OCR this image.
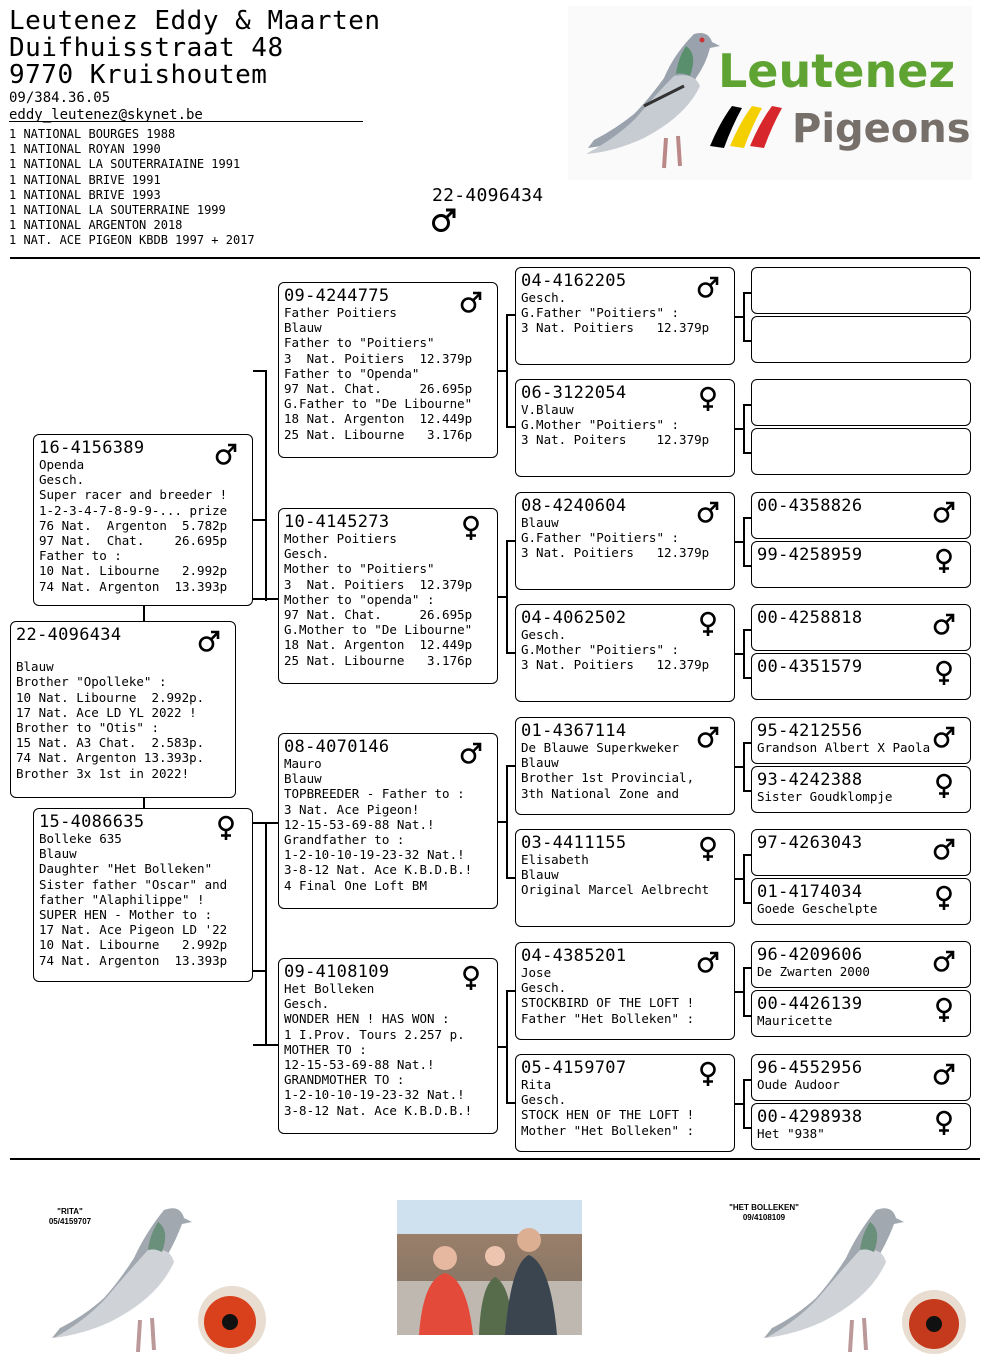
Leutenez Eddy & Maarten
Duifhuisstraat 48
9770 Kruishoutem
09/384.36.05
eddy_leutenez@skynet.be
1 NATIONAL BOURGES 1988
1 NATIONAL ROYAN 1990
1 NATIONAL LA SOUTERRAIAINE 1991
1 NATIONAL BRIVE 1991
1 NATIONAL BRIVE 1993
1 NATIONAL LA SOUTERRAINE 1999
1 NATIONAL ARGENTON 2018
1 NAT. ACE PIGEON KBDB 1997 + 2017
22-4096434
Leutenez
Pigeons
22-4096434

Blauw
Brother "Opolleke" :
10 Nat. Libourne  2.992p.
17 Nat. Ace LD YL 2022 !
Brother to "Otis" :
15 Nat. A3 Chat.  2.583p.
74 Nat. Argenton 13.393p.
Brother 3x 1st in 2022!
16-4156389
Openda
Gesch.
Super racer and breeder !
1-2-3-4-7-8-9-9-... prize
76 Nat.  Argenton  5.782p
97 Nat.  Chat.    26.695p
Father to :
10 Nat. Libourne   2.992p
74 Nat. Argenton  13.393p
15-4086635
Bolleke 635
Blauw
Daughter "Het Bolleken"
Sister father "Oscar" and
father "Alaphilippe" !
SUPER HEN - Mother to :
17 Nat. Ace Pigeon LD '22
10 Nat. Libourne   2.992p
74 Nat. Argenton  13.393p
09-4244775
Father Poitiers
Blauw
Father to "Poitiers"
3  Nat. Poitiers  12.379p
Father to "Openda"
97 Nat. Chat.     26.695p
G.Father to "De Libourne"
18 Nat. Argenton  12.449p
25 Nat. Libourne   3.176p
10-4145273
Mother Poitiers
Gesch.
Mother to "Poitiers"
3  Nat. Poitiers  12.379p
Mother to "openda" :
97 Nat. Chat.     26.695p
G.Mother to "De Libourne"
18 Nat. Argenton  12.449p
25 Nat. Libourne   3.176p
08-4070146
Mauro
Blauw
TOPBREEDER - Father to :
3 Nat. Ace Pigeon!
12-15-53-69-88 Nat.!
Grandfather to :
1-2-10-10-19-23-32 Nat.!
3-8-12 Nat. Ace K.B.D.B.!
4 Final One Loft BM
09-4108109
Het Bolleken
Gesch.
WONDER HEN ! HAS WON :
1 I.Prov. Tours 2.257 p.
MOTHER TO :
12-15-53-69-88 Nat.!
GRANDMOTHER TO :
1-2-10-10-19-23-32 Nat.!
3-8-12 Nat. Ace K.B.D.B.!
04-4162205
Gesch.
G.Father "Poitiers" :
3 Nat. Poitiers   12.379p
06-3122054
V.Blauw
G.Mother "Poitiers" :
3 Nat. Poiters    12.379p
08-4240604
Blauw
G.Father "Poitiers" :
3 Nat. Poitiers   12.379p
04-4062502
Gesch.
G.Mother "Poitiers" :
3 Nat. Poitiers   12.379p
01-4367114
De Blauwe Superkweker
Blauw
Brother 1st Provincial,
3th National Zone and
03-4411155
Elisabeth
Blauw
Original Marcel Aelbrecht
04-4385201
Jose
Gesch.
STOCKBIRD OF THE LOFT !
Father "Het Bolleken" :
05-4159707
Rita
Gesch.
STOCK HEN OF THE LOFT !
Mother "Het Bolleken" :
00-4358826
99-4258959
00-4258818
00-4351579
95-4212556
Grandson Albert X Paola
93-4242388
Sister Goudklompje
97-4263043
01-4174034
Goede Geschelpte
96-4209606
De Zwarten 2000
00-4426139
Mauricette
96-4552956
Oude Audoor
00-4298938
Het "938"
"RITA"
05/4159707
"HET BOLLEKEN"
09/4108109
